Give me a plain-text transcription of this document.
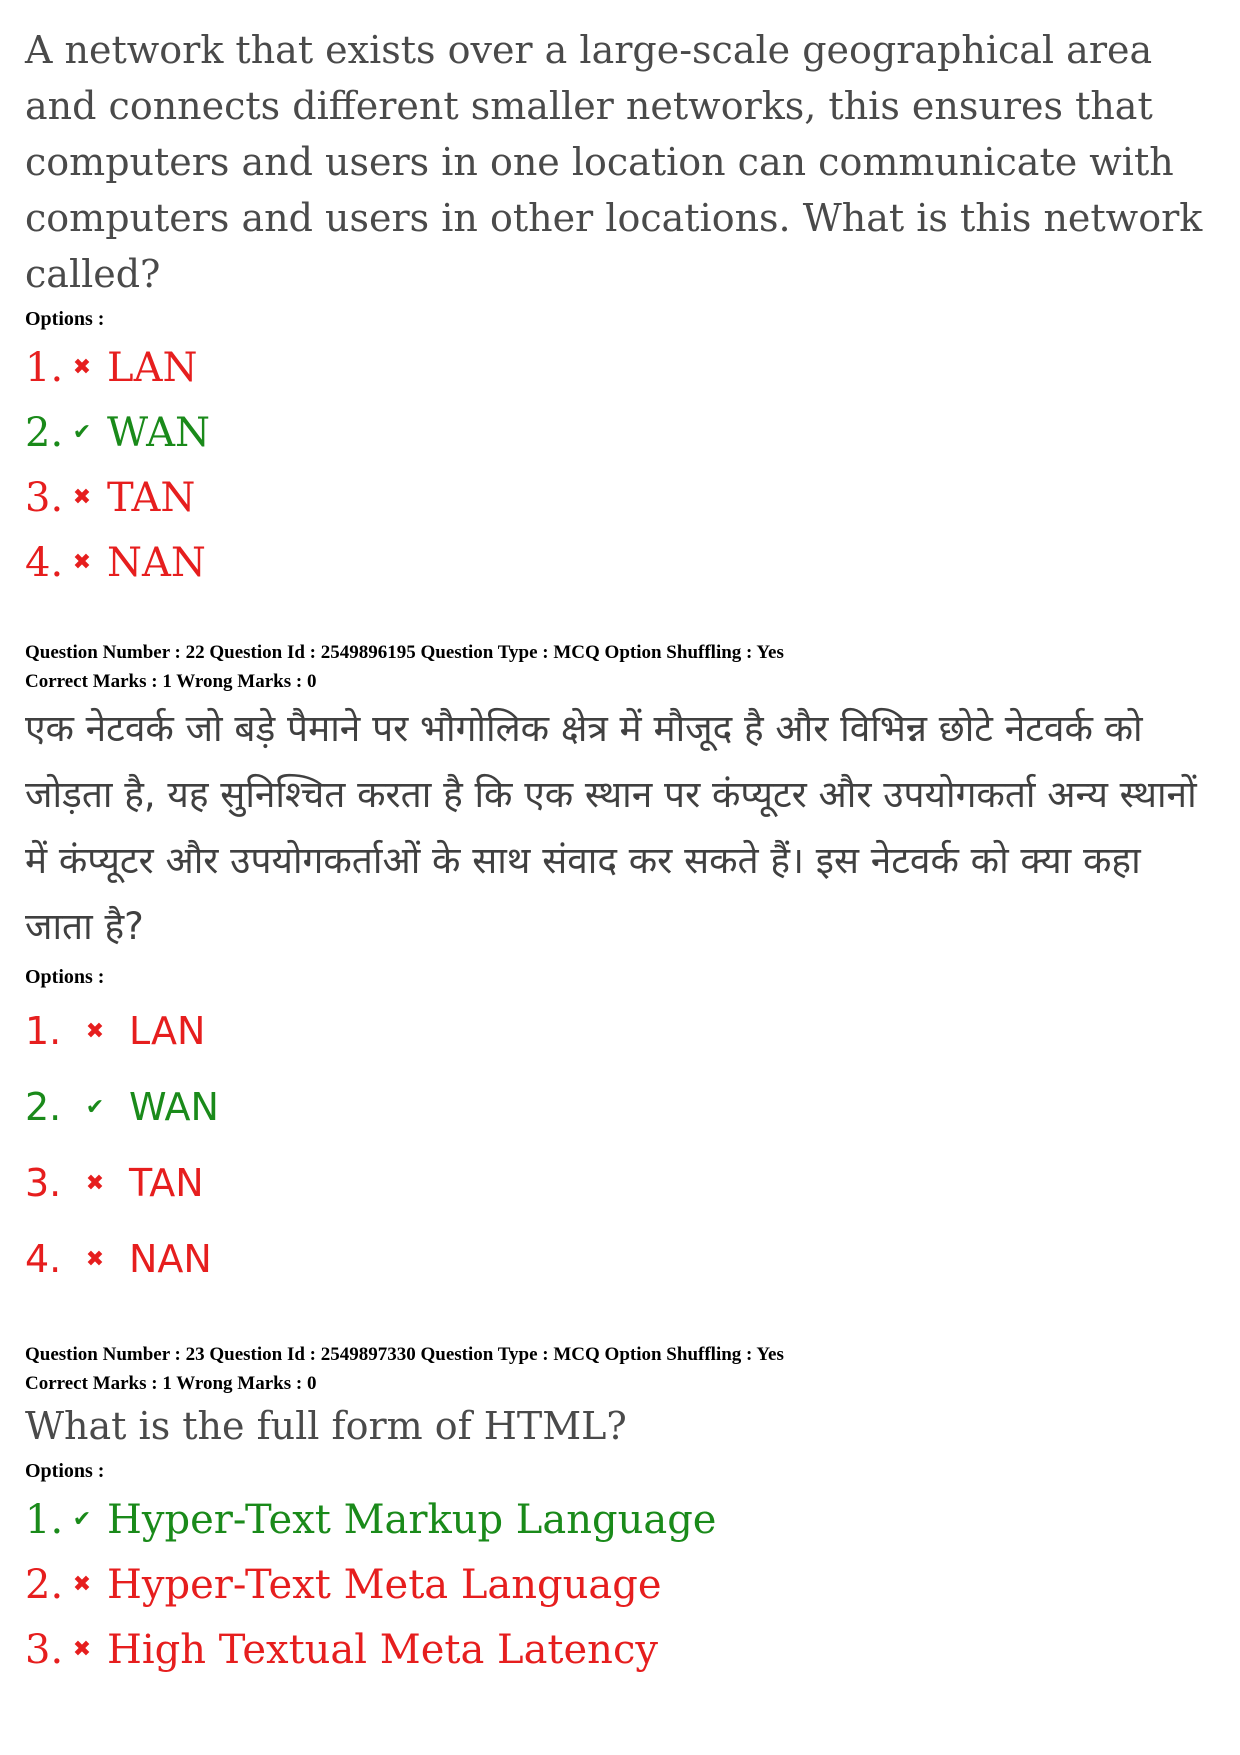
A network that exists over a large-scale geographical area and connects different smaller networks, this ensures that computers and users in one location can communicate with computers and users in other locations. What is this network called?

Options :
1. ✖ LAN
2. ✔ WAN
3. ✖ TAN
4. ✖ NAN
Question Number : 22 Question Id : 2549896195 Question Type : MCQ Option Shuffling : Yes
Correct Marks : 1 Wrong Marks : 0

एक नेटवर्क जो बड़े पैमाने पर भौगोलिक क्षेत्र में मौजूद है और विभिन्न छोटे नेटवर्क को जोड़ता है, यह सुनिश्चित करता है कि एक स्थान पर कंप्यूटर और उपयोगकर्ता अन्य स्थानों में कंप्यूटर और उपयोगकर्ताओं के साथ संवाद कर सकते हैं। इस नेटवर्क को क्या कहा जाता है?

Options :
1.	✖ LAN
2.	✔ WAN
3.	✖ TAN
4.	✖ NAN
Question Number : 23 Question Id : 2549897330 Question Type : MCQ Option Shuffling : Yes
Correct Marks : 1 Wrong Marks : 0

What is the full form of HTML?

Options :
1. ✔ Hyper-Text Markup Language
2. ✖ Hyper-Text Meta Language
3. ✖ High Textual Meta Latency
